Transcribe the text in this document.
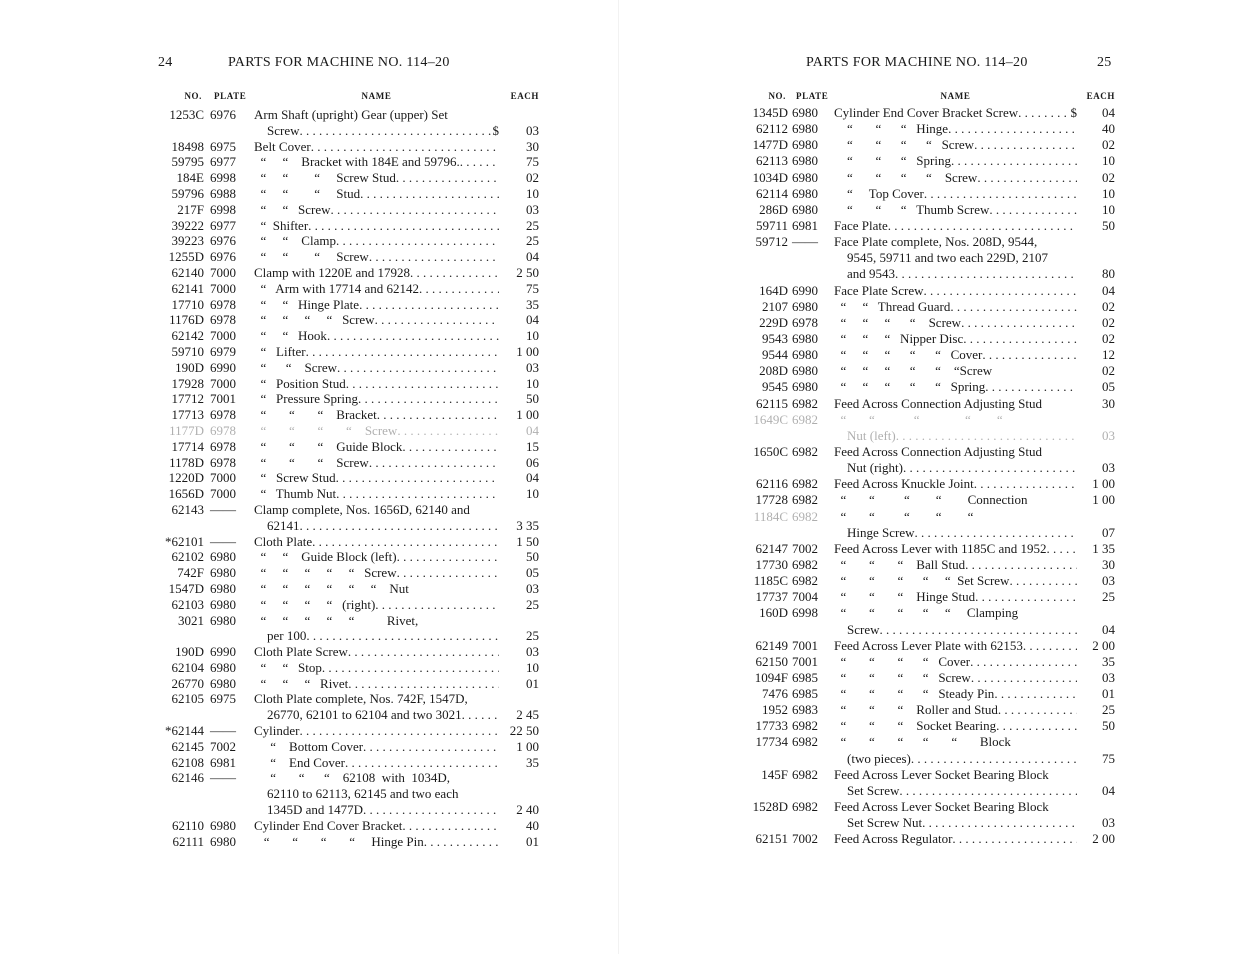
24	PARTS FOR MACHINE NO. 114–20
NO.	PLATE	NAME	EACH
1253C 6976	Arm Shaft (upright) Gear (upper) Set
Screw . . .	$	03
18498 6975	Belt Cover . . .	30
59795 6977	“     “    Bracket with 184E and 59796. . . .	75
184E 6998	“     “        “     Screw Stud . . .	02
59796 6988	“     “        “     Stud . . .	10
217F 6998	“     “   Screw . . .	03
39222 6977	“  Shifter . . .	25
39223 6976	“     “    Clamp . . .	25
1255D 6976	“     “        “     Screw . . .	04
62140 7000	Clamp with 1220E and 17928 . . .	2 50
62141 7000	“   Arm with 17714 and 62142 . . .	75
17710 6978	“     “   Hinge Plate . . .	35
1176D 6978	“     “     “     “   Screw . . .	04
62142 7000	“     “   Hook . . .	10
59710 6979	“   Lifter . . .	1 00
190D 6990	“      “    Screw . . .	03
17928 7000	“   Position Stud . . .	10
17712 7001	“   Pressure Spring . . .	50
17713 6978	“       “       “    Bracket . . .	1 00
1177D 6978	“       “       “       “    Screw . . .	04
17714 6978	“       “       “    Guide Block . . .	15
1178D 6978	“       “       “    Screw . . .	06
1220D 7000	“   Screw Stud . . .	04
1656D 7000	“   Thumb Nut . . .	10
62143 ——	Clamp complete, Nos. 1656D, 62140 and
62141 . . .	3 35
*62101 ——	Cloth Plate . . .	1 50
62102 6980	“     “    Guide Block (left) . . .	50
742F 6980	“     “     “     “     “   Screw . . .	05
1547D 6980	“     “     “     “     “     “    Nut	03
62103 6980	“     “     “     “   (right) . . .	25
3021 6980	“     “     “     “     “          Rivet,
per 100 . . .	25
190D 6990	Cloth Plate Screw . . .	03
62104 6980	“     “   Stop . . .	10
26770 6980	“     “     “   Rivet . . .	01
62105 6975	Cloth Plate complete, Nos. 742F, 1547D,
26770, 62101 to 62104 and two 3021 . . .	2 45
*62144 ——	Cylinder . . .	22 50
62145 7002	“    Bottom Cover . . .	1 00
62108 6981	“    End Cover . . .	35
62146 ——	“       “      “    62108  with  1034D,
62110 to 62113, 62145 and two each
1345D and 1477D . . .	2 40
62110 6980	Cylinder End Cover Bracket . . .	40
62111 6980	“       “       “       “     Hinge Pin . . .	01
PARTS FOR MACHINE NO. 114–20	25
NO.	PLATE	NAME	EACH
1345D 6980	Cylinder End Cover Bracket Screw . . .	$	04
62112 6980	“       “      “   Hinge . . .	40
1477D 6980	“       “      “      “   Screw . . .	02
62113 6980	“       “      “   Spring . . .	10
1034D 6980	“       “      “      “    Screw . . .	02
62114 6980	“     Top Cover . . .	10
286D 6980	“       “      “   Thumb Screw . . .	10
59711 6981	Face Plate . . .	50
59712 ——	Face Plate complete, Nos. 208D, 9544,
9545, 59711 and two each 229D, 2107
and 9543 . . .	80
164D 6990	Face Plate Screw . . .	04
2107 6980	“     “   Thread Guard . . .	02
229D 6978	“     “     “      “    Screw . . .	02
9543 6980	“     “     “   Nipper Disc . . .	02
9544 6980	“     “     “      “      “   Cover . . .	12
208D 6980	“     “     “      “      “    “Screw	02
9545 6980	“     “     “      “      “   Spring . . .	05
62115 6982	Feed Across Connection Adjusting Stud	30
1649C 6982	“       “            “              “        “
Nut (left) . . .	03
1650C 6982	Feed Across Connection Adjusting Stud
Nut (right) . . .	03
62116 6982	Feed Across Knuckle Joint . . .	1 00
17728 6982	“       “         “        “        Connection	1 00
1184C 6982	“       “         “        “        “
Hinge Screw . . .	07
62147 7002	Feed Across Lever with 1185C and 1952 . . .	1 35
17730 6982	“       “       “    Ball Stud . . .	30
1185C 6982	“       “       “      “     “  Set Screw . . .	03
17737 7004	“       “       “    Hinge Stud . . .	25
160D 6998	“       “       “      “     “     Clamping
Screw . . .	04
62149 7001	Feed Across Lever Plate with 62153 . . .	2 00
62150 7001	“       “       “      “   Cover . . .	35
1094F 6985	“       “       “      “   Screw . . .	03
7476 6985	“       “       “      “   Steady Pin . . .	01
1952 6983	“       “       “    Roller and Stud . . .	25
17733 6982	“       “       “    Socket Bearing . . .	50
17734 6982	“       “       “      “       “       Block
(two pieces) . . .	75
145F 6982	Feed Across Lever Socket Bearing Block
Set Screw . . .	04
1528D 6982	Feed Across Lever Socket Bearing Block
Set Screw Nut . . .	03
62151 7002	Feed Across Regulator . . .	2 00
